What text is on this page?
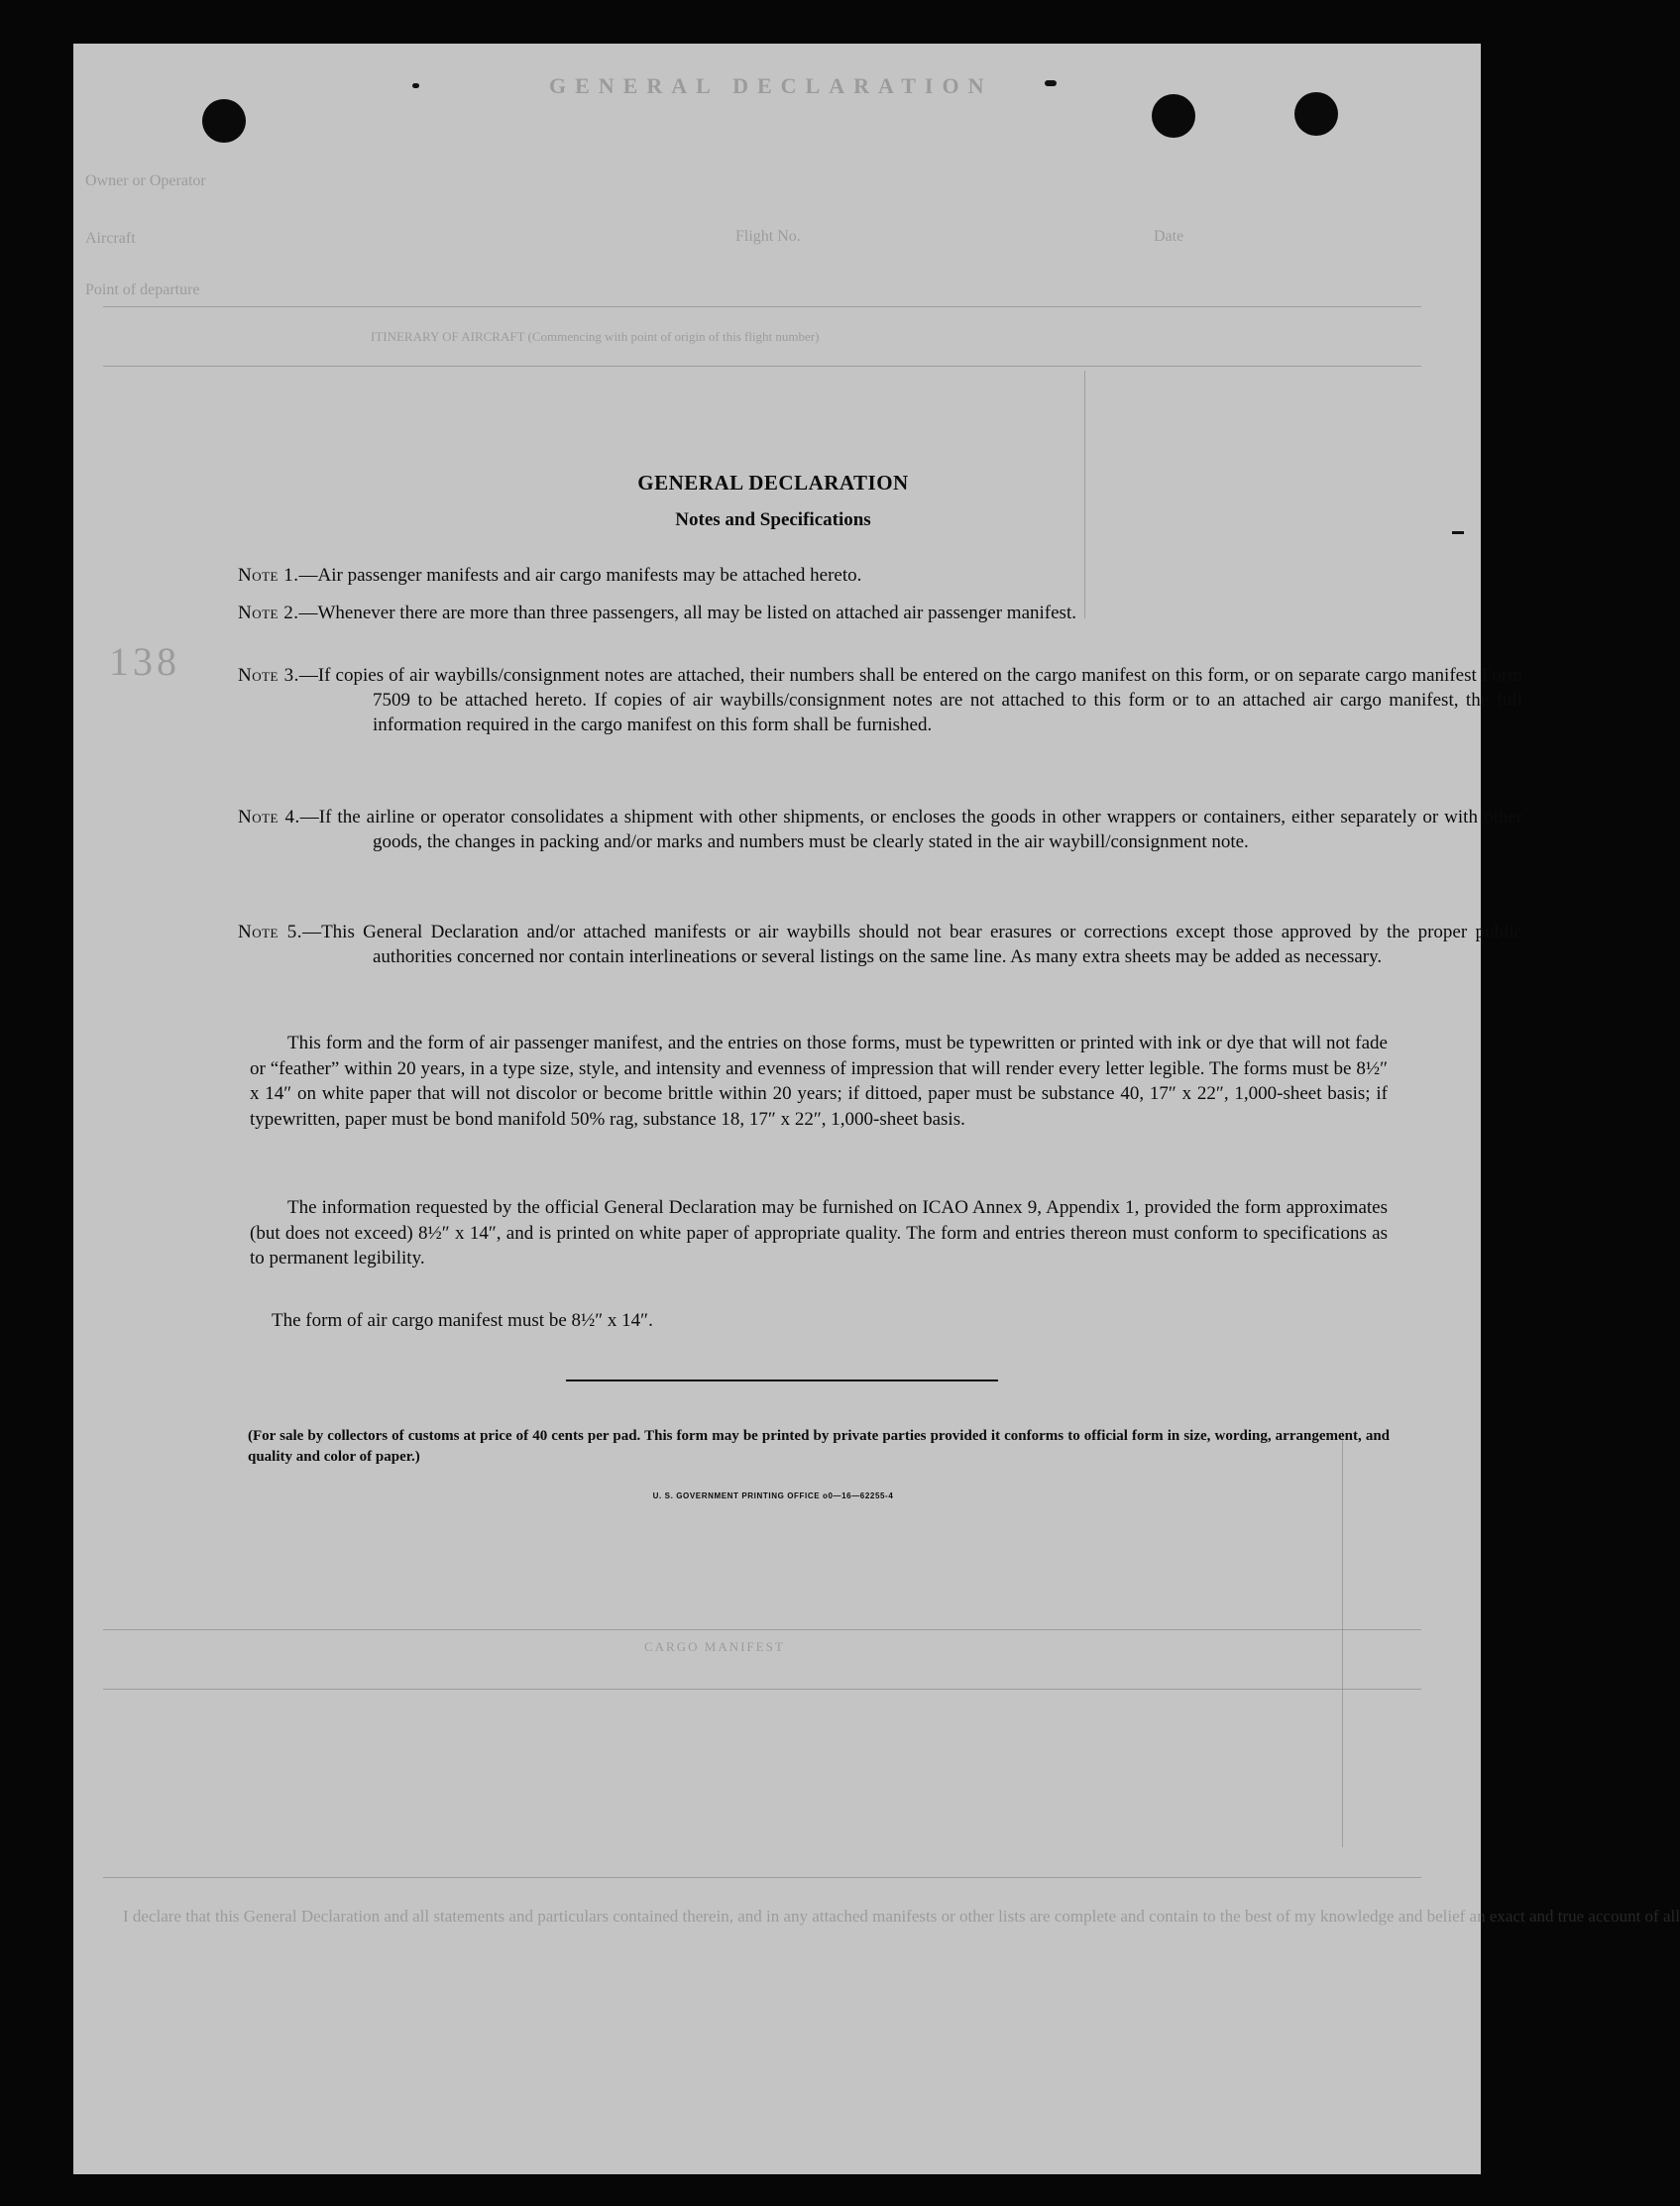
GENERAL DECLARATION
Owner or Operator
Aircraft	Flight No.	Date
Point of departure
ITINERARY OF AIRCRAFT (Commencing with point of origin of this flight number)
138
CARGO MANIFEST
I declare that this General Declaration and all statements and particulars contained therein, and in any attached manifests or other lists are complete and contain to the best of my knowledge and belief an exact and true account of all
GENERAL DECLARATION
Notes and Specifications
Note 1.—Air passenger manifests and air cargo manifests may be attached hereto.
Note 2.—Whenever there are more than three passengers, all may be listed on attached air passenger manifest.
Note 3.—If copies of air waybills/consignment notes are attached, their numbers shall be entered on the cargo manifest on this form, or on separate cargo manifest Form 7509 to be attached hereto. If copies of air waybills/consignment notes are not attached to this form or to an attached air cargo manifest, the full information required in the cargo manifest on this form shall be furnished.
Note 4.—If the airline or operator consolidates a shipment with other shipments, or encloses the goods in other wrappers or containers, either separately or with other goods, the changes in packing and/or marks and numbers must be clearly stated in the air waybill/consignment note.
Note 5.—This General Declaration and/or attached manifests or air waybills should not bear erasures or corrections except those approved by the proper public authorities concerned nor contain interlineations or several listings on the same line. As many extra sheets may be added as necessary.
This form and the form of air passenger manifest, and the entries on those forms, must be typewritten or printed with ink or dye that will not fade or “feather” within 20 years, in a type size, style, and intensity and evenness of impression that will render every letter legible. The forms must be 8½″ x 14″ on white paper that will not discolor or become brittle within 20 years; if dittoed, paper must be substance 40, 17″ x 22″, 1,000-sheet basis; if typewritten, paper must be bond manifold 50% rag, substance 18, 17″ x 22″, 1,000-sheet basis.
The information requested by the official General Declaration may be furnished on ICAO Annex 9, Appendix 1, provided the form approximates (but does not exceed) 8½″ x 14″, and is printed on white paper of appropriate quality. The form and entries thereon must conform to specifications as to permanent legibility.
The form of air cargo manifest must be 8½″ x 14″.
(For sale by collectors of customs at price of 40 cents per pad. This form may be printed by private parties provided it conforms to official form in size, wording, arrangement, and quality and color of paper.)
U. S. GOVERNMENT PRINTING OFFICE o0—16—62255-4
